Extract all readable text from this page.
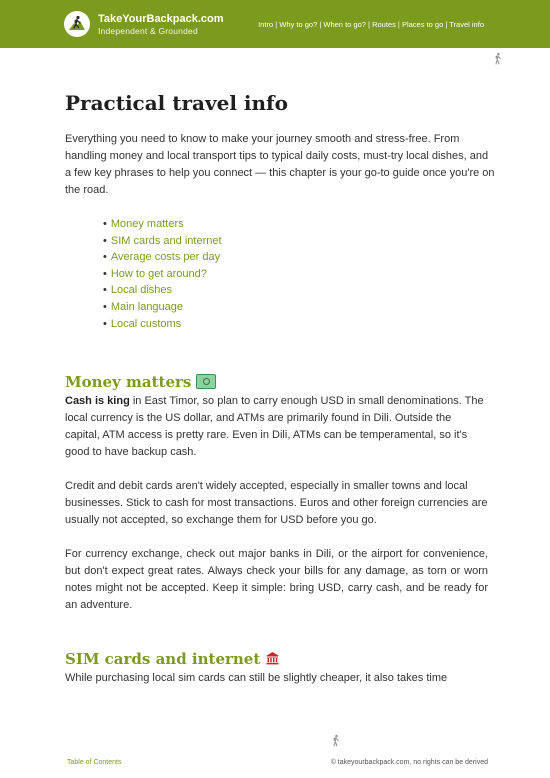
TakeYourBackpack.com
Independent & Grounded
Intro | Why to go? | When to go? | Routes | Places to go | Travel info
Practical travel info

Everything you need to know to make your journey smooth and stress-free. From handling money and local transport tips to typical daily costs, must-try local dishes, and a few key phrases to help you connect — this chapter is your go-to guide once you're on the road.

• Money matters
• SIM cards and internet
• Average costs per day
• How to get around?
• Local dishes
• Main language
• Local customs
Money matters

Cash is king in East Timor, so plan to carry enough USD in small denominations. The local currency is the US dollar, and ATMs are primarily found in Dili. Outside the capital, ATM access is pretty rare. Even in Dili, ATMs can be temperamental, so it's good to have backup cash.

Credit and debit cards aren't widely accepted, especially in smaller towns and local businesses. Stick to cash for most transactions. Euros and other foreign currencies are usually not accepted, so exchange them for USD before you go.

For currency exchange, check out major banks in Dili, or the airport for convenience, but don't expect great rates. Always check your bills for any damage, as torn or worn notes might not be accepted. Keep it simple: bring USD, carry cash, and be ready for an adventure.

SIM cards and internet

While purchasing local sim cards can still be slightly cheaper, it also takes time

Table of Contents	© takeyourbackpack.com, no rights can be derived
